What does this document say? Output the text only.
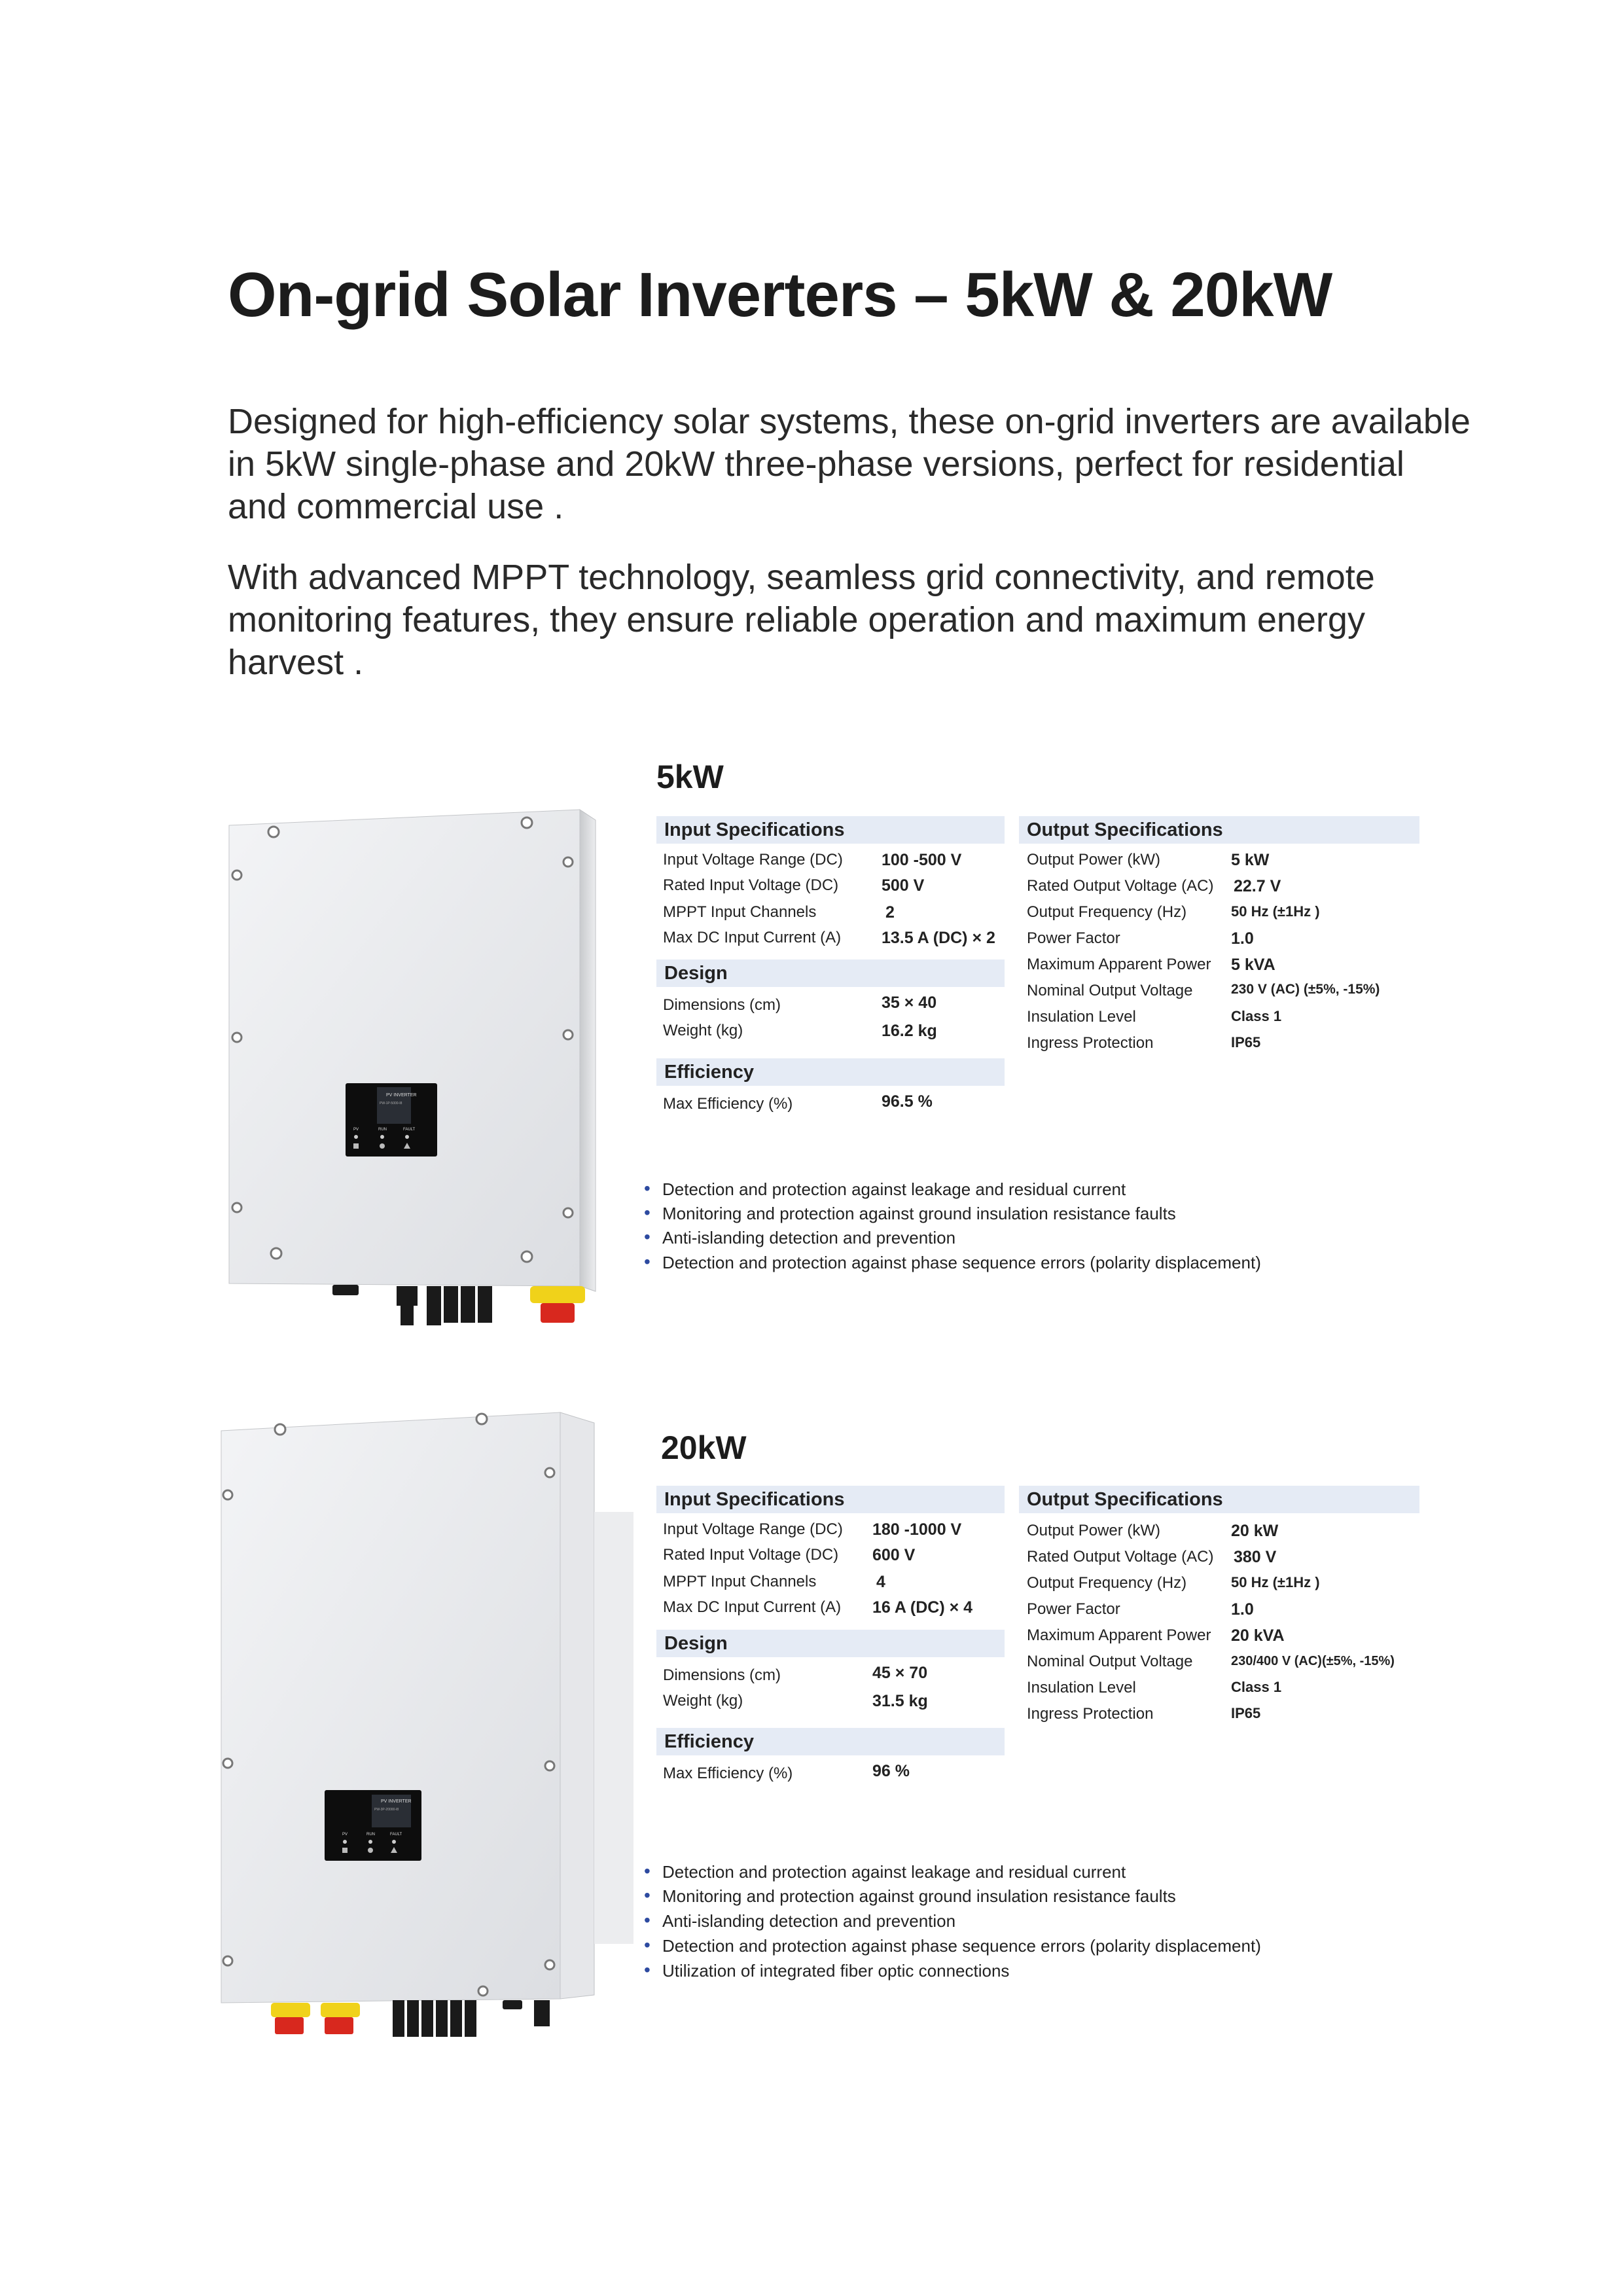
On-grid Solar Inverters – 5kW & 20kW
Designed for high-efficiency solar systems, these on-grid inverters are available in 5kW single-phase and 20kW three-phase versions, perfect for residential and commercial use .
With advanced MPPT technology, seamless grid connectivity, and remote monitoring features, they ensure reliable operation and maximum energy harvest .
PV INVERTER
PW-1P-5000-I8
PV	RUN	FAULT
PV INVERTER
PW-3P-20000-I8
PV	RUN	FAULT
5kW
Input Specifications
Input Voltage Range (DC) 100 -500 V
Rated Input Voltage (DC)	500 V
MPPT Input Channels	2
Max DC Input Current (A) 13.5 A (DC) × 2
Design
Dimensions (cm)	35 × 40
Weight (kg)	16.2 kg
Efficiency
Max Efficiency (%)	96.5 %
Output Specifications
Output Power (kW)	5 kW
Rated Output Voltage (AC) 22.7 V
Output Frequency (Hz)	50 Hz (±1Hz )
Power Factor	1.0
Maximum Apparent Power 5 kVA
Nominal Output Voltage	230 V (AC) (±5%, -15%)
Insulation Level	Class 1
Ingress Protection	IP65
• Detection and protection against leakage and residual current
• Monitoring and protection against ground insulation resistance faults
• Anti-islanding detection and prevention
• Detection and protection against phase sequence errors (polarity displacement)
20kW
Input Specifications
Input Voltage Range (DC) 180 -1000 V
Rated Input Voltage (DC) 600 V
MPPT Input Channels	4
Max DC Input Current (A) 16 A (DC) × 4
Design
Dimensions (cm)	45 × 70
Weight (kg)	31.5 kg
Efficiency
Max Efficiency (%)	96 %
Output Specifications
Output Power (kW)	20 kW
Rated Output Voltage (AC) 380 V
Output Frequency (Hz)	50 Hz (±1Hz )
Power Factor	1.0
Maximum Apparent Power 20 kVA
Nominal Output Voltage	230/400 V (AC)(±5%, -15%)
Insulation Level	Class 1
Ingress Protection	IP65
• Detection and protection against leakage and residual current
• Monitoring and protection against ground insulation resistance faults
• Anti-islanding detection and prevention
• Detection and protection against phase sequence errors (polarity displacement)
• Utilization of integrated fiber optic connections
